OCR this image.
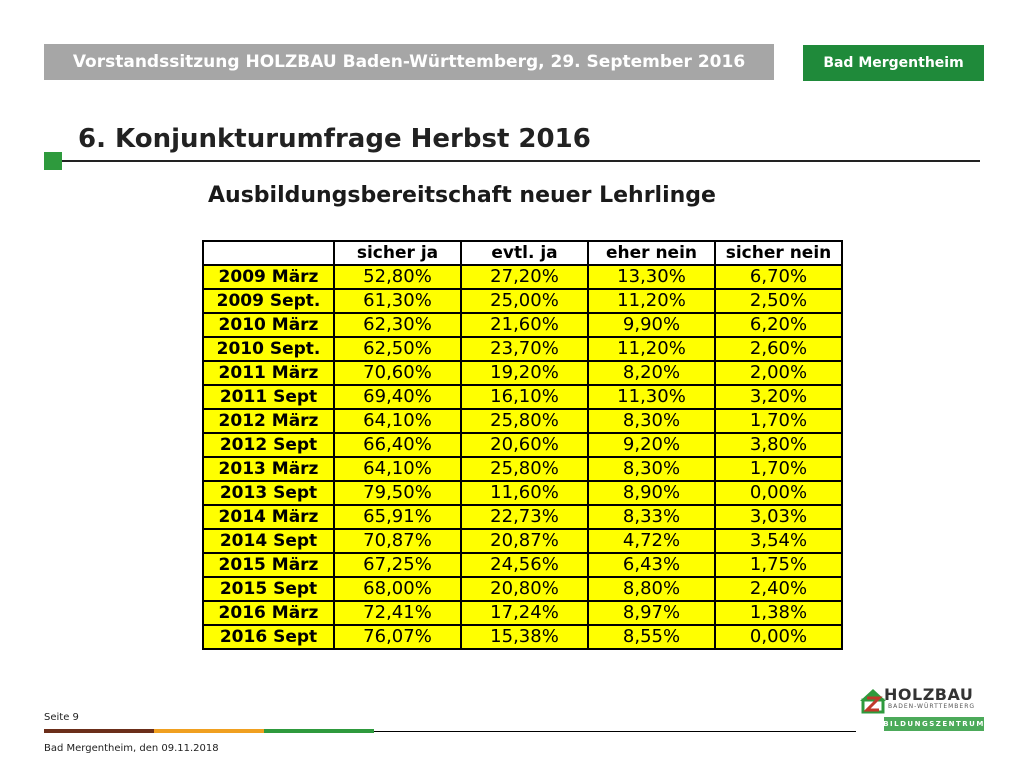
Vorstandssitzung HOLZBAU Baden-Württemberg, 29. September 2016	Bad Mergentheim
6. Konjunkturumfrage Herbst 2016
Ausbildungsbereitschaft neuer Lehrlinge
	sicher ja	evtl. ja	eher nein	sicher nein
2009 März	52,80%	27,20%	13,30%	6,70%
2009 Sept.	61,30%	25,00%	11,20%	2,50%
2010 März	62,30%	21,60%	9,90%	6,20%
2010 Sept.	62,50%	23,70%	11,20%	2,60%
2011 März	70,60%	19,20%	8,20%	2,00%
2011 Sept	69,40%	16,10%	11,30%	3,20%
2012 März	64,10%	25,80%	8,30%	1,70%
2012 Sept	66,40%	20,60%	9,20%	3,80%
2013 März	64,10%	25,80%	8,30%	1,70%
2013 Sept	79,50%	11,60%	8,90%	0,00%
2014 März	65,91%	22,73%	8,33%	3,03%
2014 Sept	70,87%	20,87%	4,72%	3,54%
2015 März	67,25%	24,56%	6,43%	1,75%
2015 Sept	68,00%	20,80%	8,80%	2,40%
2016 März	72,41%	17,24%	8,97%	1,38%
2016 Sept	76,07%	15,38%	8,55%	0,00%
Seite 9
Bad Mergentheim, den 09.11.2018
HOLZBAU
BADEN-WÜRTTEMBERG
BILDUNGSZENTRUM
